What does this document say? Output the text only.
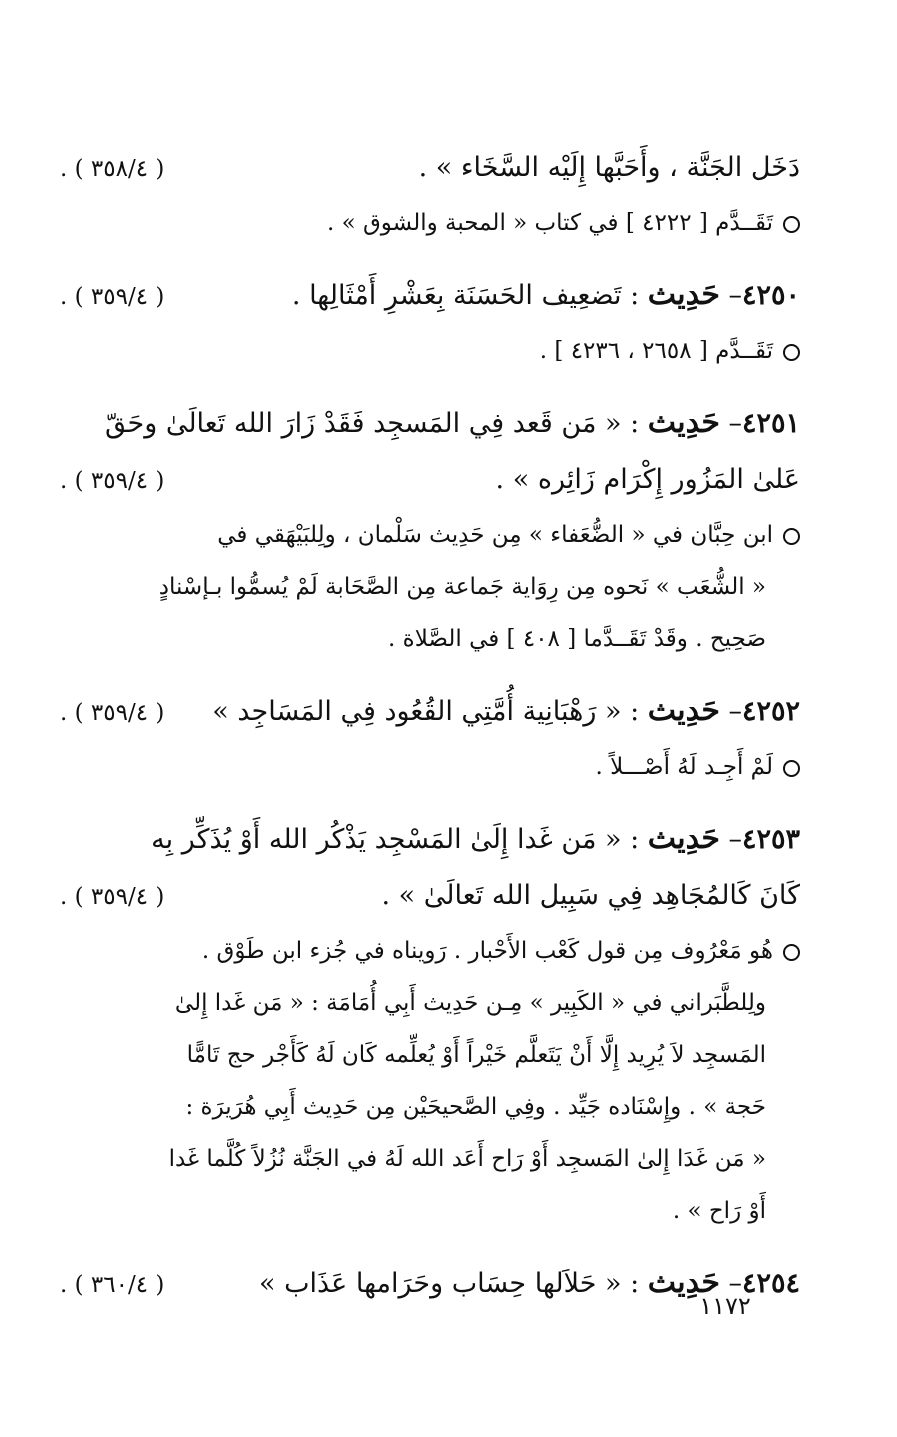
دَخَل الجَنَّة ، وأَحَبَّها إِلَيْه السَّخَاء » .
( ٣٥٨/٤ ) .
تَقَــدَّم [ ٤٢٢٢ ] في كتاب « المحبة والشوق » .
٤٢٥٠– حَدِيث : تَضعِيف الحَسَنَة بِعَشْرِ أَمْثَالِها .
( ٣٥٩/٤ ) .
تَقَــدَّم [ ٢٦٥٨ ، ٤٢٣٦ ] .
٤٢٥١– حَدِيث : « مَن قَعد فِي المَسجِد فَقَدْ زَارَ الله تَعالَىٰ وحَقّ
عَلىٰ المَزُور إِكْرَام زَائِره » .
( ٣٥٩/٤ ) .
ابن حِبَّان في « الضُّعَفاء » مِن حَدِيث سَلْمان ، ولِلبَيْهَقي في
« الشُّعَب » نَحوه مِن رِوَاية جَماعة مِن الصَّحَابة لَمْ يُسمُّوا بـإسْنادٍ
صَحِيح . وقَدْ تَقَــدَّما [ ٤٠٨ ] في الصَّلاة .
٤٢٥٢– حَدِيث : « رَهْبَانِية أُمَّتِي القُعُود فِي المَسَاجِد »
( ٣٥٩/٤ ) .
لَمْ أَجِـد لَهُ أَصْـــلاً .
٤٢٥٣– حَدِيث : « مَن غَدا إِلَىٰ المَسْجِد يَذْكُر الله أَوْ يُذَكِّر بِه
كَانَ كَالمُجَاهِد فِي سَبِيل الله تَعالَىٰ » .
( ٣٥٩/٤ ) .
هُو مَعْرُوف مِن قول كَعْب الأَحْبار . رَويناه في جُزء ابن طَوْق .
ولِلطَّبَراني في « الكَبِير » مِـن حَدِيث أَبِي أُمَامَة : « مَن غَدا إِلىٰ
المَسجِد لاَ يُرِيد إِلَّا أَنْ يَتَعلَّم خَيْراً أَوْ يُعلِّمه كَان لَهُ كَأَجْر حج تَامًّا
حَجة » . وإِسْنَاده جَيِّد . وفِي الصَّحيحَيْن مِن حَدِيث أَبِي هُرَيرَة :
« مَن غَدَا إِلىٰ المَسجِد أَوْ رَاح أَعَد الله لَهُ في الجَنَّة نُزُلاً كُلَّما غَدا
أَوْ رَاح » .
٤٢٥٤– حَدِيث : « حَلاَلها حِسَاب وحَرَامها عَذَاب »
( ٣٦٠/٤ ) .
١١٧٢
